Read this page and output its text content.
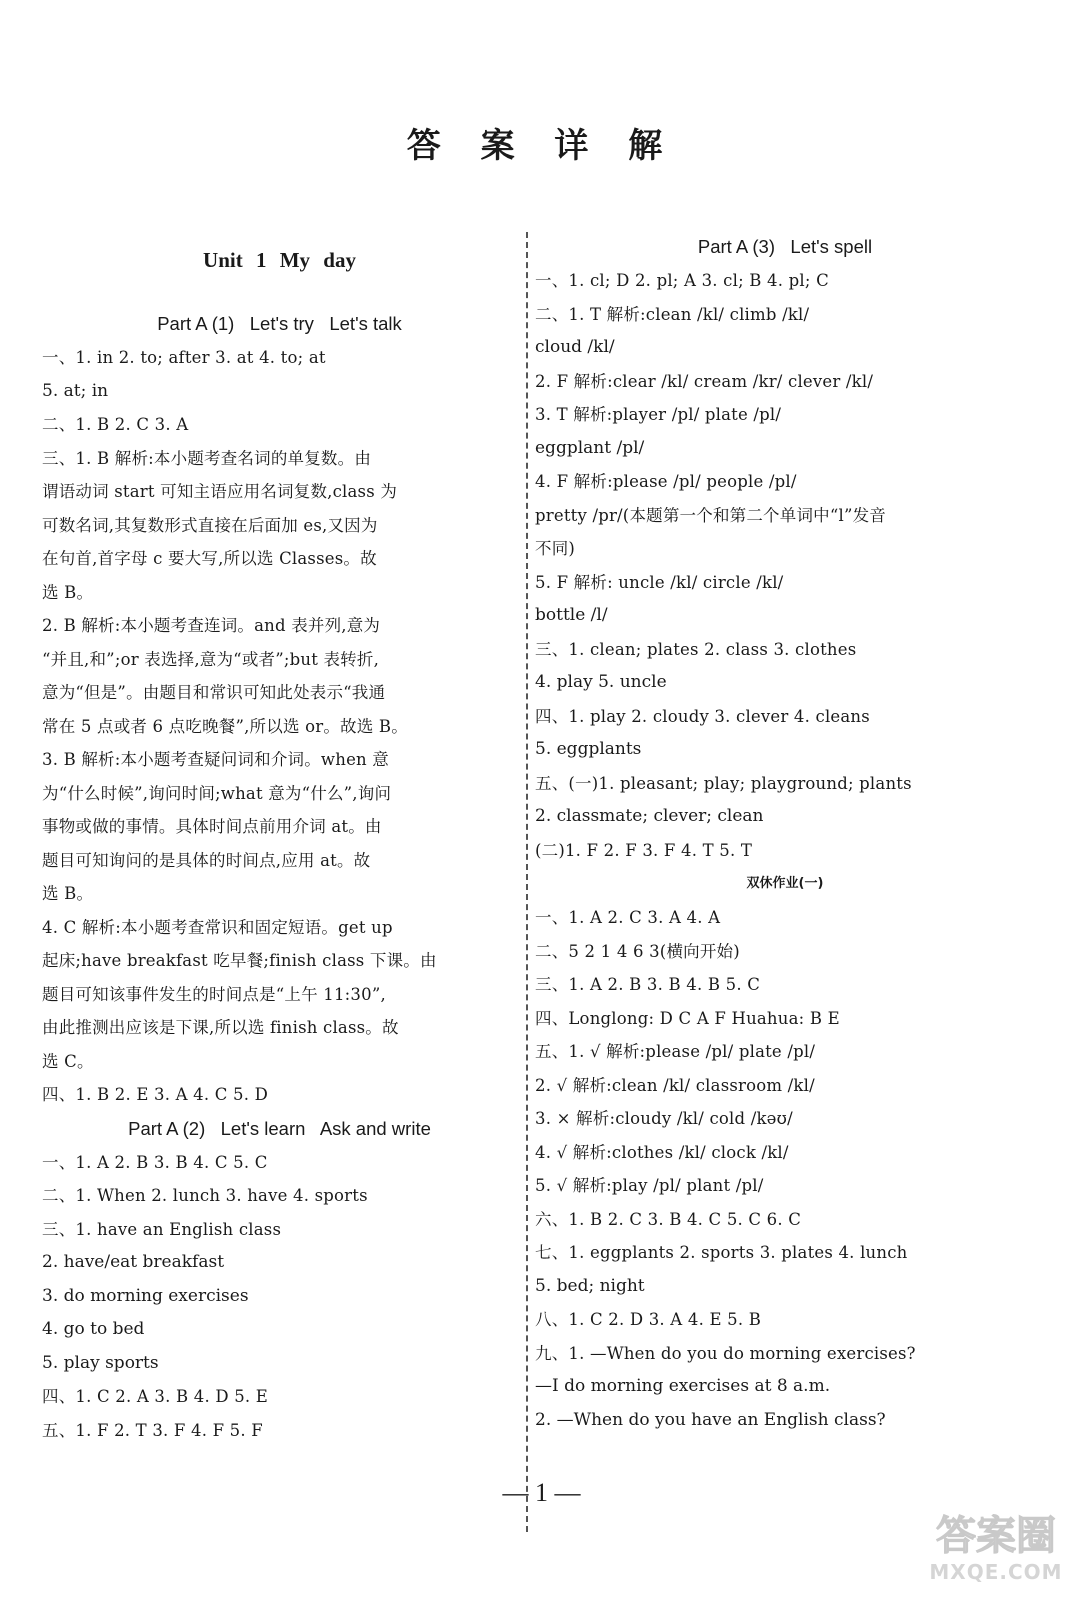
答 案 详 解
Unit 1 My day
Part A (1)   Let's try   Let's talk
一、1. in 2. to; after 3. at 4. to; at
5. at; in
二、1. B 2. C 3. A
三、1. B 解析:本小题考查名词的单复数。由
谓语动词 start 可知主语应用名词复数,class 为
可数名词,其复数形式直接在后面加 es,又因为
在句首,首字母 c 要大写,所以选 Classes。故
选 B。
2. B 解析:本小题考查连词。and 表并列,意为
“并且,和”;or 表选择,意为“或者”;but 表转折,
意为“但是”。由题目和常识可知此处表示“我通
常在 5 点或者 6 点吃晚餐”,所以选 or。故选 B。
3. B 解析:本小题考查疑问词和介词。when 意
为“什么时候”,询问时间;what 意为“什么”,询问
事物或做的事情。具体时间点前用介词 at。由
题目可知询问的是具体的时间点,应用 at。故
选 B。
4. C 解析:本小题考查常识和固定短语。get up
起床;have breakfast 吃早餐;finish class 下课。由
题目可知该事件发生的时间点是“上午 11:30”,
由此推测出应该是下课,所以选 finish class。故
选 C。
四、1. B 2. E 3. A 4. C 5. D
Part A (2)   Let's learn   Ask and write
一、1. A 2. B 3. B 4. C 5. C
二、1. When 2. lunch 3. have 4. sports
三、1. have an English class
2. have/eat breakfast
3. do morning exercises
4. go to bed
5. play sports
四、1. C 2. A 3. B 4. D 5. E
五、1. F 2. T 3. F 4. F 5. F
Part A (3)   Let's spell
一、1. cl; D 2. pl; A 3. cl; B 4. pl; C
二、1. T 解析:clean /kl/ climb /kl/
cloud /kl/
2. F 解析:clear /kl/ cream /kr/ clever /kl/
3. T 解析:player /pl/ plate /pl/
eggplant /pl/
4. F 解析:please /pl/ people /pl/
pretty /pr/(本题第一个和第二个单词中“l”发音
不同)
5. F 解析: uncle /kl/ circle /kl/
bottle /l/
三、1. clean; plates 2. class 3. clothes
4. play 5. uncle
四、1. play 2. cloudy 3. clever 4. cleans
5. eggplants
五、(一)1. pleasant; play; playground; plants
2. classmate; clever; clean
(二)1. F 2. F 3. F 4. T 5. T
双休作业(一)
一、1. A 2. C 3. A 4. A
二、5 2 1 4 6 3(横向开始)
三、1. A 2. B 3. B 4. B 5. C
四、Longlong: D C A F Huahua: B E
五、1. √ 解析:please /pl/ plate /pl/
2. √ 解析:clean /kl/ classroom /kl/
3. × 解析:cloudy /kl/ cold /kəʊ/
4. √ 解析:clothes /kl/ clock /kl/
5. √ 解析:play /pl/ plant /pl/
六、1. B 2. C 3. B 4. C 5. C 6. C
七、1. eggplants 2. sports 3. plates 4. lunch
5. bed; night
八、1. C 2. D 3. A 4. E 5. B
九、1. —When do you do morning exercises?
—I do morning exercises at 8 a.m.
2. —When do you have an English class?
— 1 —
答案圈
MXQE.COM
